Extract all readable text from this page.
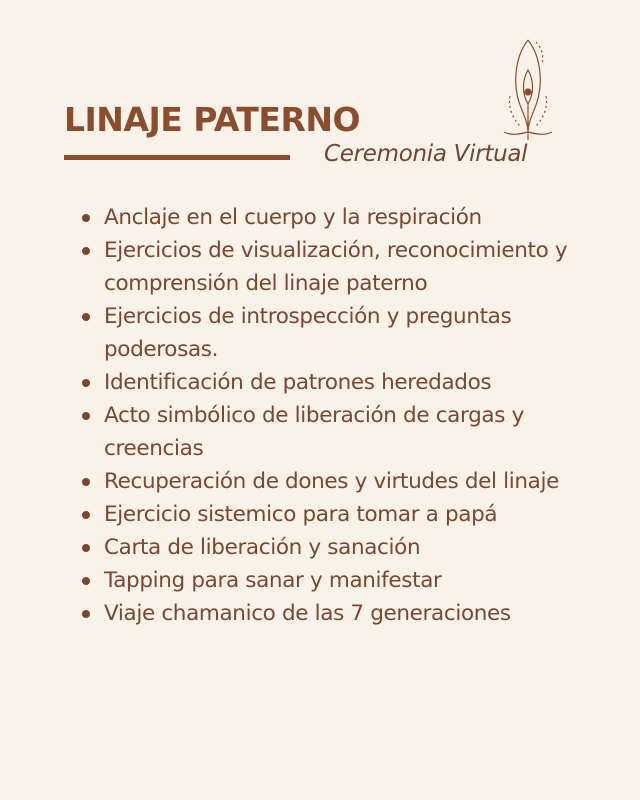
LINAJE PATERNO
Ceremonia Virtual
Anclaje en el cuerpo y la respiración
Ejercicios de visualización, reconocimiento y comprensión del linaje paterno
Ejercicios de introspección y preguntas poderosas.
Identificación de patrones heredados
Acto simbólico de liberación de cargas y creencias
Recuperación de dones y virtudes del linaje
Ejercicio sistemico para tomar a papá
Carta de liberación y sanación
Tapping para sanar y manifestar
Viaje chamanico de las 7 generaciones
